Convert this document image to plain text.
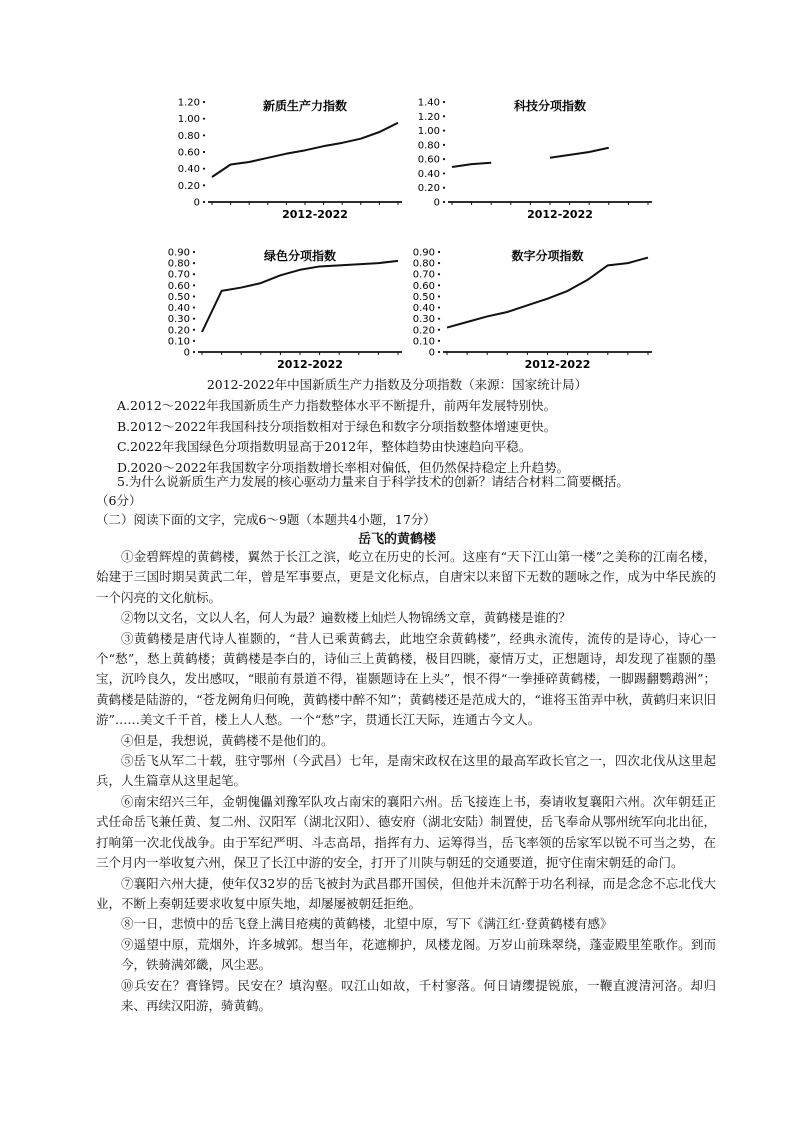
0
0.20
0.40
0.60
0.80
1.00
1.20	新质生产力指数
2012-2022
0
0.20
0.40
0.60
0.80
1.00
1.20
1.40	科技分项指数
2012-2022
0
0.10
0.20
0.30
0.40
0.50
0.60
0.70
0.80
0.90	绿色分项指数
2012-2022
0
0.10
0.20
0.30
0.40
0.50
0.60
0.70
0.80
0.90	数字分项指数
2012-2022
2012-2022年中国新质生产力指数及分项指数（来源：国家统计局）
A.2012～2022年我国新质生产力指数整体水平不断提升，前两年发展特别快。
B.2012～2022年我国科技分项指数相对于绿色和数字分项指数整体增速更快。
C.2022年我国绿色分项指数明显高于2012年，整体趋势由快速趋向平稳。
D.2020～2022年我国数字分项指数增长率相对偏低，但仍然保持稳定上升趋势。
5.为什么说新质生产力发展的核心驱动力量来自于科学技术的创新？请结合材料二简要概括。
（6分）
（二）阅读下面的文字，完成6～9题（本题共4小题，17分）
岳飞的黄鹤楼

①金碧辉煌的黄鹤楼，翼然于长江之滨，屹立在历史的长河。这座有“天下江山第一楼”之美称的江南名楼，始建于三国时期吴黄武二年，曾是军事要点，更是文化标点，自唐宋以来留下无数的题咏之作，成为中华民族的一个闪亮的文化航标。

②物以文名，文以人名，何人为最？遍数楼上灿烂人物锦绣文章，黄鹤楼是谁的？

③黄鹤楼是唐代诗人崔颢的，“昔人已乘黄鹤去，此地空余黄鹤楼”，经典永流传，流传的是诗心，诗心一个“愁”，愁上黄鹤楼；黄鹤楼是李白的，诗仙三上黄鹤楼，极目四眺，豪情万丈，正想题诗，却发现了崔颢的墨宝，沉吟良久，发出感叹，“眼前有景道不得，崔颢题诗在上头”，恨不得“一拳捶碎黄鹤楼，一脚踢翻鹦鹉洲”；黄鹤楼是陆游的，“苍龙阙角归何晚，黄鹤楼中醉不知”；黄鹤楼还是范成大的，“谁将玉笛弄中秋，黄鹤归来识旧游”……美文千千首，楼上人人愁。一个“愁”字，贯通长江天际，连通古今文人。

④但是，我想说，黄鹤楼不是他们的。

⑤岳飞从军二十载，驻守鄂州（今武昌）七年，是南宋政权在这里的最高军政长官之一，四次北伐从这里起兵，人生篇章从这里起笔。

⑥南宋绍兴三年，金朝傀儡刘豫军队攻占南宋的襄阳六州。岳飞接连上书，奏请收复襄阳六州。次年朝廷正式任命岳飞兼任黄、复二州、汉阳军（湖北汉阳）、德安府（湖北安陆）制置使，岳飞奉命从鄂州统军向北出征，打响第一次北伐战争。由于军纪严明、斗志高昂，指挥有力、运筹得当，岳飞率领的岳家军以锐不可当之势，在三个月内一举收复六州，保卫了长江中游的安全，打开了川陕与朝廷的交通要道，扼守住南宋朝廷的命门。

⑦襄阳六州大捷，使年仅32岁的岳飞被封为武昌郡开国侯，但他并未沉醉于功名利禄，而是念念不忘北伐大业，不断上奏朝廷要求收复中原失地，却屡屡被朝廷拒绝。

⑧一日，悲愤中的岳飞登上满目疮痍的黄鹤楼，北望中原，写下《满江红·登黄鹤楼有感》

⑨遥望中原，荒烟外，许多城郭。想当年，花遮柳护，凤楼龙阁。万岁山前珠翠绕，蓬壶殿里笙歌作。到而今，铁骑满郊畿，风尘恶。

⑩兵安在？膏锋锷。民安在？填沟壑。叹江山如故，千村寥落。何日请缨提锐旅，一鞭直渡清河洛。却归来、再续汉阳游，骑黄鹤。
